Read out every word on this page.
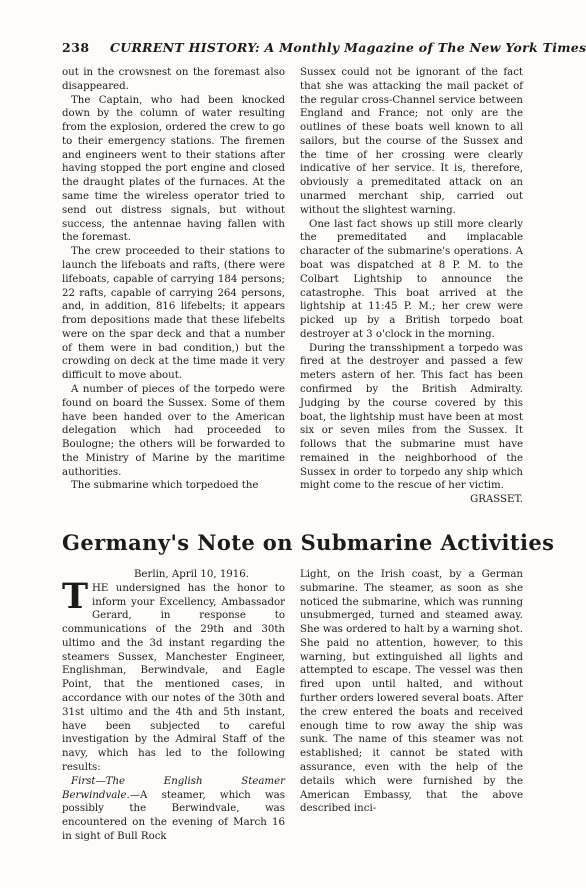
238 CURRENT HISTORY: A Monthly Magazine of The New York Times

out in the crowsnest on the foremast also disappeared.

The Captain, who had been knocked down by the column of water resulting from the explosion, ordered the crew to go to their emergency stations. The firemen and engineers went to their stations after having stopped the port engine and closed the draught plates of the furnaces. At the same time the wireless operator tried to send out distress signals, but without success, the antennae having fallen with the foremast.

The crew proceeded to their stations to launch the lifeboats and rafts, (there were lifeboats, capable of carrying 184 persons; 22 rafts, capable of carrying 264 persons, and, in addition, 816 lifebelts; it appears from depositions made that these lifebelts were on the spar deck and that a number of them were in bad condition,) but the crowding on deck at the time made it very difficult to move about.

A number of pieces of the torpedo were found on board the Sussex. Some of them have been handed over to the American delegation which had proceeded to Boulogne; the others will be forwarded to the Ministry of Marine by the maritime authorities.

The submarine which torpedoed the

Sussex could not be ignorant of the fact that she was attacking the mail packet of the regular cross-Channel service between England and France; not only are the outlines of these boats well known to all sailors, but the course of the Sussex and the time of her crossing were clearly indicative of her service. It is, therefore, obviously a premeditated attack on an unarmed merchant ship, carried out without the slightest warning.

One last fact shows up still more clearly the premeditated and implacable character of the submarine's operations. A boat was dispatched at 8 P. M. to the Colbart Lightship to announce the catastrophe. This boat arrived at the lightship at 11:45 P. M.; her crew were picked up by a British torpedo boat destroyer at 3 o'clock in the morning.

During the transshipment a torpedo was fired at the destroyer and passed a few meters astern of her. This fact has been confirmed by the British Admiralty. Judging by the course covered by this boat, the lightship must have been at most six or seven miles from the Sussex. It follows that the submarine must have remained in the neighborhood of the Sussex in order to torpedo any ship which might come to the rescue of her victim.

GRASSET.
Germany's Note on Submarine Activities

Berlin, April 10, 1916.

T HE undersigned has the honor to inform your Excellency, Ambassador Gerard, in response to communications of the 29th and 30th ultimo and the 3d instant regarding the steamers Sussex, Manchester Engineer, Englishman, Berwindvale, and Eagle Point, that the mentioned cases, in accordance with our notes of the 30th and 31st ultimo and the 4th and 5th instant, have been subjected to careful investigation by the Admiral Staff of the navy, which has led to the following results:

First—The English Steamer Berwindvale.—A steamer, which was possibly the Berwindvale, was encountered on the evening of March 16 in sight of Bull Rock

Light, on the Irish coast, by a German submarine. The steamer, as soon as she noticed the submarine, which was running unsubmerged, turned and steamed away. She was ordered to halt by a warning shot. She paid no attention, however, to this warning, but extinguished all lights and attempted to escape. The vessel was then fired upon until halted, and without further orders lowered several boats. After the crew entered the boats and received enough time to row away the ship was sunk. The name of this steamer was not established; it cannot be stated with assurance, even with the help of the details which were furnished by the American Embassy, that the above described inci-
